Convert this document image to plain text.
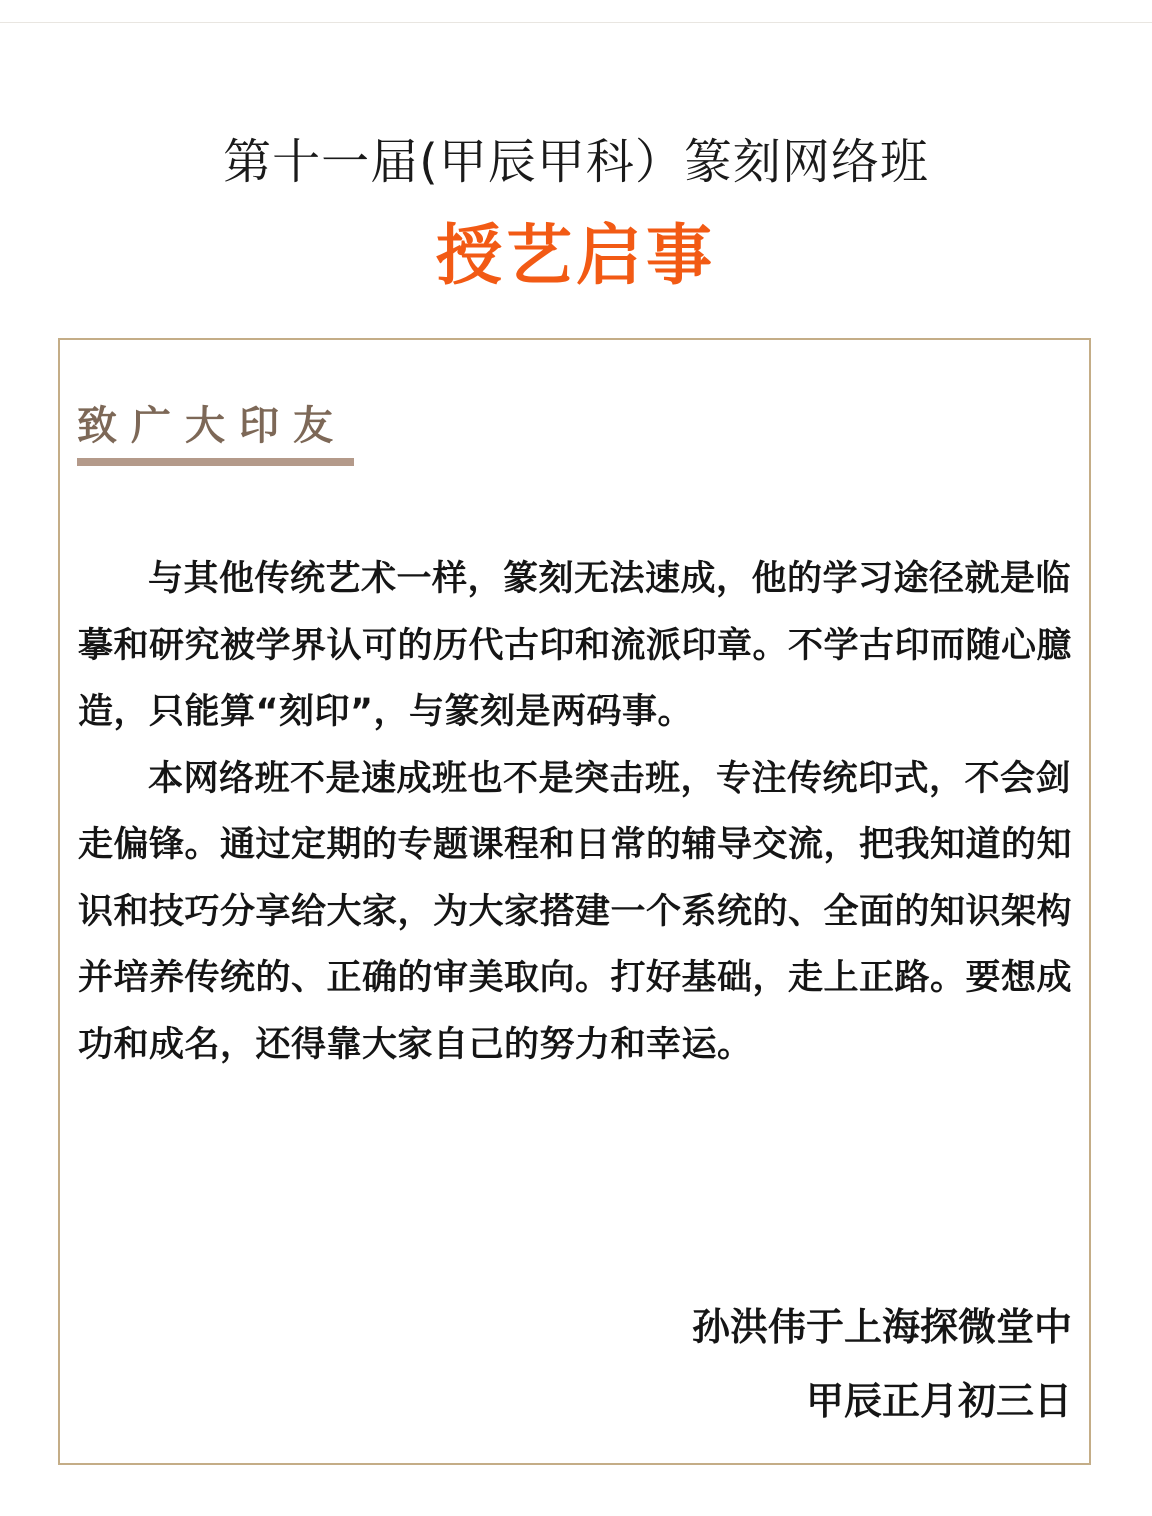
第十一届(甲辰甲科）篆刻网络班
授艺启事
致广大印友

与其他传统艺术一样，篆刻无法速成，他的学习途径就是临摹和研究被学界认可的历代古印和流派印章。不学古印而随心臆造，只能算“刻印”，与篆刻是两码事。

本网络班不是速成班也不是突击班，专注传统印式，不会剑走偏锋。通过定期的专题课程和日常的辅导交流，把我知道的知识和技巧分享给大家，为大家搭建一个系统的、全面的知识架构并培养传统的、正确的审美取向。打好基础，走上正路。要想成功和成名，还得靠大家自己的努力和幸运。

孙洪伟于上海探微堂中
甲辰正月初三日
